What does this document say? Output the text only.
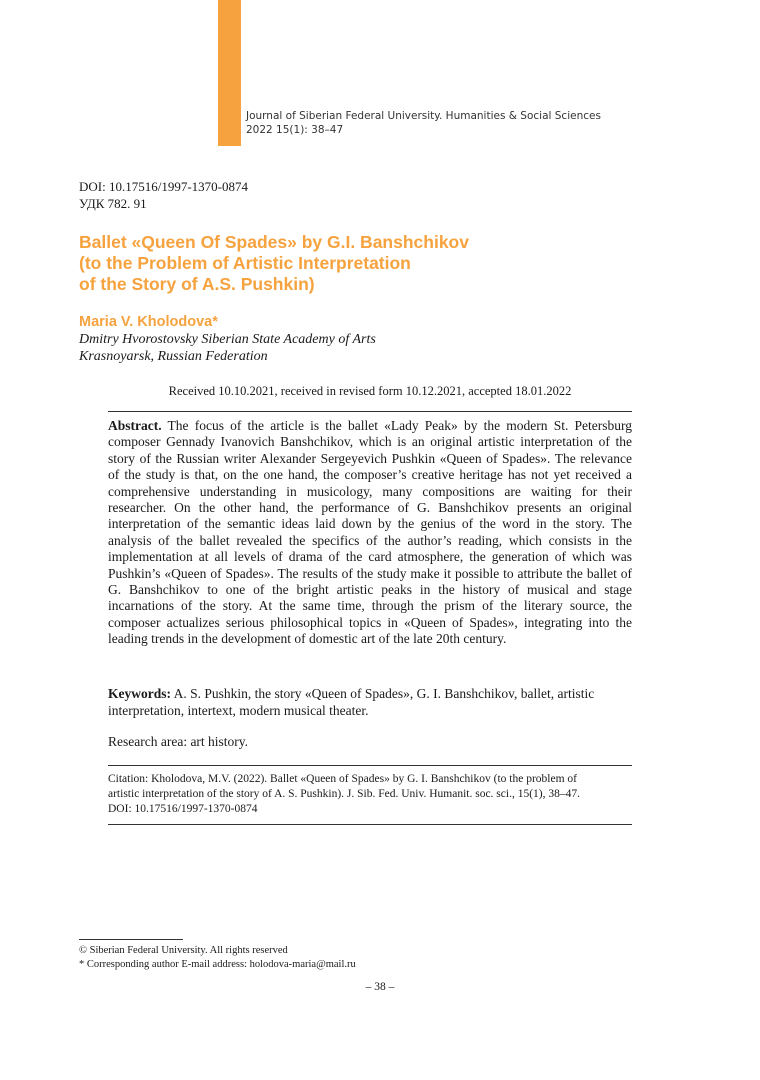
Journal of Siberian Federal University. Humanities & Social Sciences
2022 15(1): 38–47
DOI: 10.17516/1997-1370-0874
УДК 782. 91
Ballet «Queen Of Spades» by G.I. Banshchikov
(to the Problem of Artistic Interpretation
of the Story of A.S. Pushkin)
Maria V. Kholodova*
Dmitry Hvorostovsky Siberian State Academy of Arts
Krasnoyarsk, Russian Federation
Received 10.10.2021, received in revised form 10.12.2021, accepted 18.01.2022

Abstract. The focus of the article is the ballet «Lady Peak» by the modern St. Petersburg composer Gennady Ivanovich Banshchikov, which is an original artistic interpretation of the story of the Russian writer Alexander Sergeyevich Pushkin «Queen of Spades». The relevance of the study is that, on the one hand, the composer’s creative heritage has not yet received a comprehensive understanding in musicology, many compositions are waiting for their researcher. On the other hand, the performance of G. Banshchikov presents an original interpretation of the semantic ideas laid down by the genius of the word in the story. The analysis of the ballet revealed the specifics of the author’s reading, which consists in the implementation at all levels of drama of the card atmosphere, the generation of which was Pushkin’s «Queen of Spades». The results of the study make it possible to attribute the ballet of G. Banshchikov to one of the bright artistic peaks in the history of musical and stage incarnations of the story. At the same time, through the prism of the literary source, the composer actualizes serious philosophical topics in «Queen of Spades», integrating into the leading trends in the development of domestic art of the late 20th century.

Keywords: A. S. Pushkin, the story «Queen of Spades», G. I. Banshchikov, ballet, artistic interpretation, intertext, modern musical theater.

Research area: art history.

Citation: Kholodova, M.V. (2022). Ballet «Queen of Spades» by G. I. Banshchikov (to the problem of
artistic interpretation of the story of A. S. Pushkin). J. Sib. Fed. Univ. Humanit. soc. sci., 15(1), 38–47.
DOI: 10.17516/1997-1370-0874

© Siberian Federal University. All rights reserved
* Corresponding author E-mail address: holodova-maria@mail.ru
– 38 –
